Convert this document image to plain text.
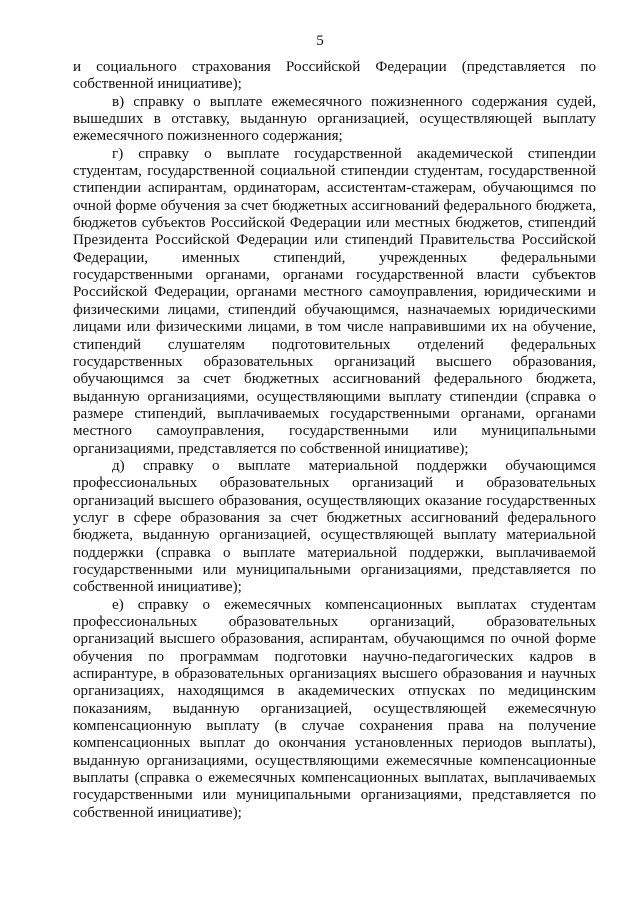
5

и социального страхования Российской Федерации (представляется по собственной инициативе);

в) справку о выплате ежемесячного пожизненного содержания судей, вышедших в отставку, выданную организацией, осуществляющей выплату ежемесячного пожизненного содержания;

г) справку о выплате государственной академической стипендии студентам, государственной социальной стипендии студентам, государственной стипендии аспирантам, ординаторам, ассистентам-стажерам, обучающимся по очной форме обучения за счет бюджетных ассигнований федерального бюджета, бюджетов субъектов Российской Федерации или местных бюджетов, стипендий Президента Российской Федерации или стипендий Правительства Российской Федерации, именных стипендий, учрежденных федеральными государственными органами, органами государственной власти субъектов Российской Федерации, органами местного самоуправления, юридическими и физическими лицами, стипендий обучающимся, назначаемых юридическими лицами или физическими лицами, в том числе направившими их на обучение, стипендий слушателям подготовительных отделений федеральных государственных образовательных организаций высшего образования, обучающимся за счет бюджетных ассигнований федерального бюджета, выданную организациями, осуществляющими выплату стипендии (справка о размере стипендий, выплачиваемых государственными органами, органами местного самоуправления, государственными или муниципальными организациями, представляется по собственной инициативе);

д) справку о выплате материальной поддержки обучающимся профессиональных образовательных организаций и образовательных организаций высшего образования, осуществляющих оказание государственных услуг в сфере образования за счет бюджетных ассигнований федерального бюджета, выданную организацией, осуществляющей выплату материальной поддержки (справка о выплате материальной поддержки, выплачиваемой государственными или муниципальными организациями, представляется по собственной инициативе);

е) справку о ежемесячных компенсационных выплатах студентам профессиональных образовательных организаций, образовательных организаций высшего образования, аспирантам, обучающимся по очной форме обучения по программам подготовки научно-педагогических кадров в аспирантуре, в образовательных организациях высшего образования и научных организациях, находящимся в академических отпусках по медицинским показаниям, выданную организацией, осуществляющей ежемесячную компенсационную выплату (в случае сохранения права на получение компенсационных выплат до окончания установленных периодов выплаты), выданную организациями, осуществляющими ежемесячные компенсационные выплаты (справка о ежемесячных компенсационных выплатах, выплачиваемых государственными или муниципальными организациями, представляется по собственной инициативе);
